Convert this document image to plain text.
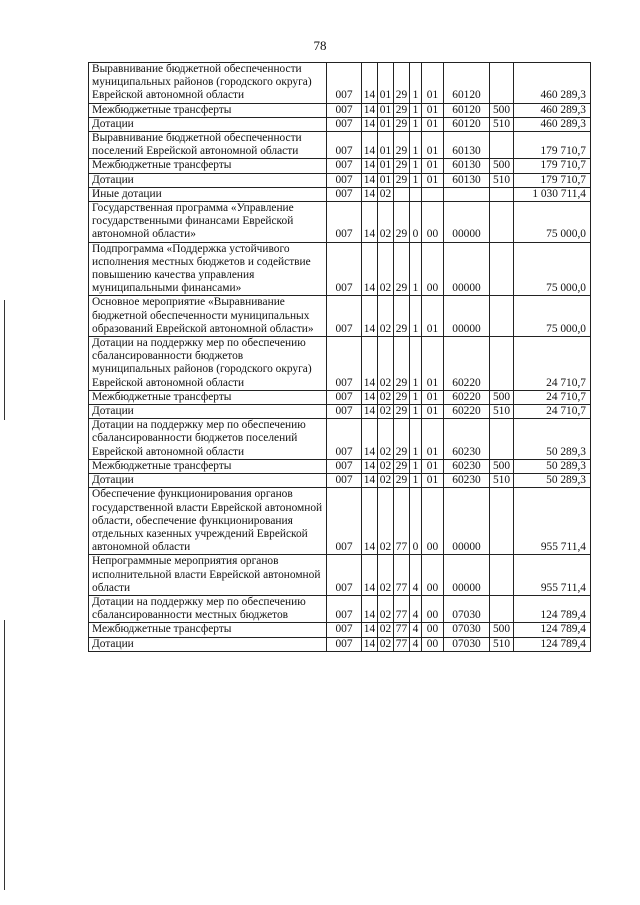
78
Выравнивание бюджетной обеспеченности муниципальных районов (городского округа) Еврейской автономной области	007	14	01	29	1	01	60120		460 289,3
Межбюджетные трансферты	007	14	01	29	1	01	60120	500	460 289,3
Дотации	007	14	01	29	1	01	60120	510	460 289,3
Выравнивание бюджетной обеспеченности поселений Еврейской автономной области	007	14	01	29	1	01	60130		179 710,7
Межбюджетные трансферты	007	14	01	29	1	01	60130	500	179 710,7
Дотации	007	14	01	29	1	01	60130	510	179 710,7
Иные дотации	007	14	02						1 030 711,4
Государственная программа «Управление государственными финансами Еврейской автономной области»	007	14	02	29	0	00	00000		75 000,0
Подпрограмма «Поддержка устойчивого исполнения местных бюджетов и содействие повышению качества управления муниципальными финансами»	007	14	02	29	1	00	00000		75 000,0
Основное мероприятие «Выравнивание бюджетной обеспеченности муниципальных образований Еврейской автономной области»	007	14	02	29	1	01	00000		75 000,0
Дотации на поддержку мер по обеспечению сбалансированности бюджетов муниципальных районов (городского округа) Еврейской автономной области	007	14	02	29	1	01	60220		24 710,7
Межбюджетные трансферты	007	14	02	29	1	01	60220	500	24 710,7
Дотации	007	14	02	29	1	01	60220	510	24 710,7
Дотации на поддержку мер по обеспечению сбалансированности бюджетов поселений Еврейской автономной области	007	14	02	29	1	01	60230		50 289,3
Межбюджетные трансферты	007	14	02	29	1	01	60230	500	50 289,3
Дотации	007	14	02	29	1	01	60230	510	50 289,3
Обеспечение функционирования органов государственной власти Еврейской автономной области, обеспечение функционирования отдельных казенных учреждений Еврейской автономной области	007	14	02	77	0	00	00000		955 711,4
Непрограммные мероприятия органов исполнительной власти Еврейской автономной области	007	14	02	77	4	00	00000		955 711,4
Дотации на поддержку мер по обеспечению сбалансированности местных бюджетов	007	14	02	77	4	00	07030		124 789,4
Межбюджетные трансферты	007	14	02	77	4	00	07030	500	124 789,4
Дотации	007	14	02	77	4	00	07030	510	124 789,4
